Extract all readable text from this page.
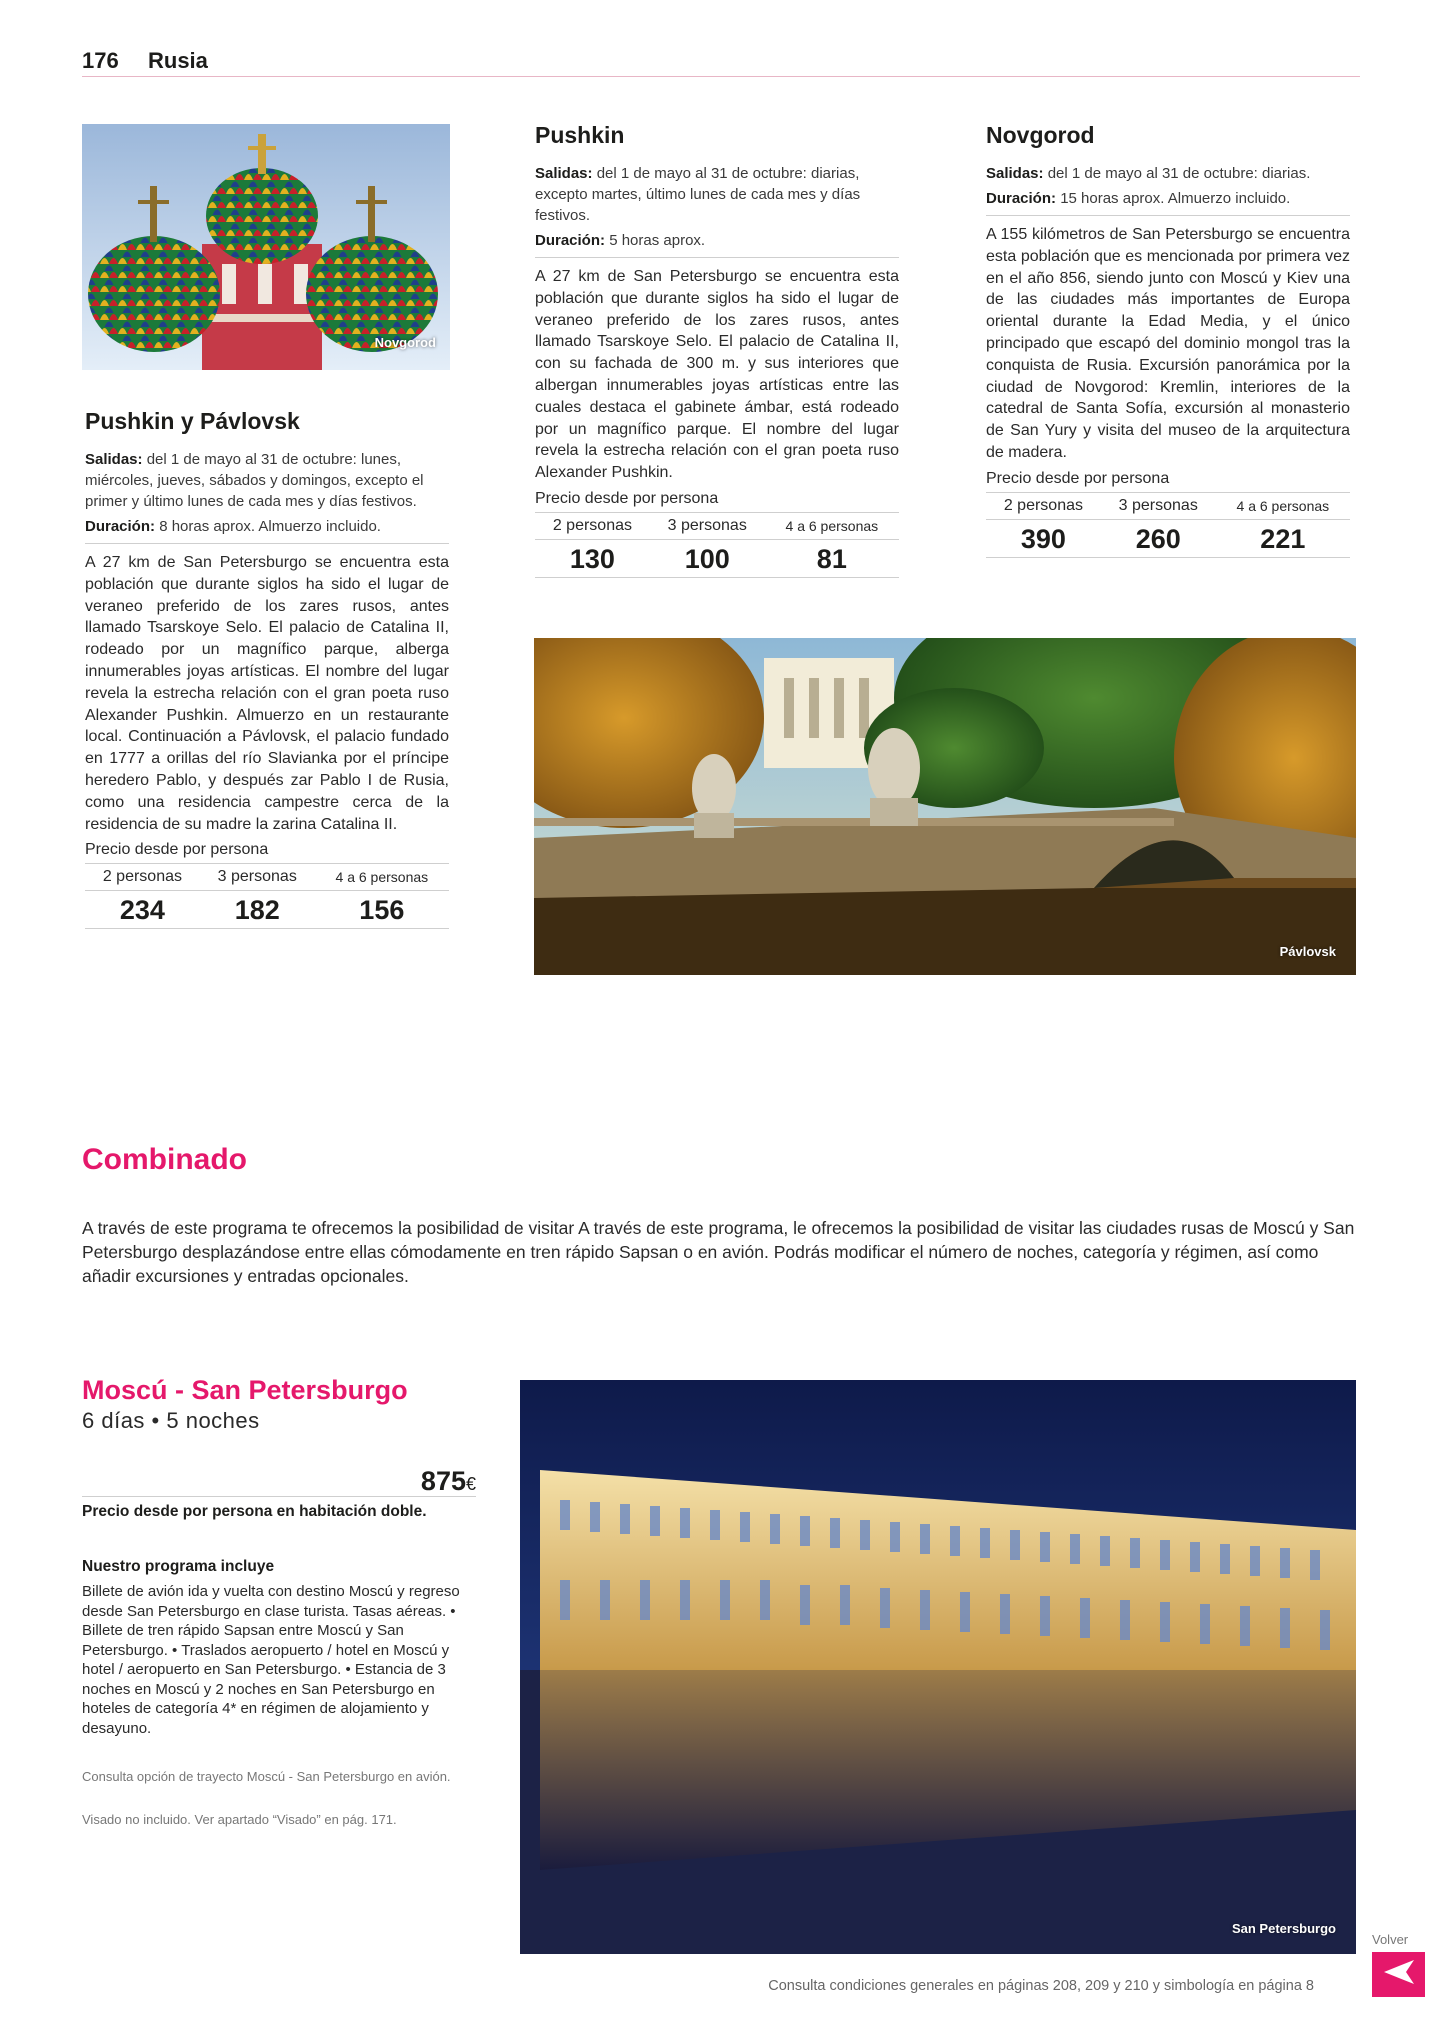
176 Rusia
Novgorod
Pushkin y Pávlovsk

Salidas: del 1 de mayo al 31 de octubre: lunes, miércoles, jueves, sábados y domingos, excepto el primer y último lunes de cada mes y días festivos.

Duración: 8 horas aprox. Almuerzo incluido.

A 27 km de San Petersburgo se encuentra esta población que durante siglos ha sido el lugar de veraneo preferido de los zares rusos, antes llamado Tsarskoye Selo. El palacio de Catalina II, rodeado por un magnífico parque, alberga innumerables joyas artísticas. El nombre del lugar revela la estrecha relación con el gran poeta ruso Alexander Pushkin. Almuerzo en un restaurante local. Continuación a Pávlovsk, el palacio fundado en 1777 a orillas del río Slavianka por el príncipe heredero Pablo, y después zar Pablo I de Rusia, como una residencia campestre cerca de la residencia de su madre la zarina Catalina II.
Precio desde por persona
2 personas	3 personas	4 a 6 personas
234	182	156
Pushkin

Salidas: del 1 de mayo al 31 de octubre: diarias, excepto martes, último lunes de cada mes y días festivos.

Duración: 5 horas aprox.

A 27 km de San Petersburgo se encuentra esta población que durante siglos ha sido el lugar de veraneo preferido de los zares rusos, antes llamado Tsarskoye Selo. El palacio de Catalina II, con su fachada de 300 m. y sus interiores que albergan innumerables joyas artísticas entre las cuales destaca el gabinete ámbar, está rodeado por un magnífico parque. El nombre del lugar revela la estrecha relación con el gran poeta ruso Alexander Pushkin.
Precio desde por persona
2 personas	3 personas	4 a 6 personas
130	100	81
Novgorod

Salidas: del 1 de mayo al 31 de octubre: diarias.

Duración: 15 horas aprox. Almuerzo incluido.

A 155 kilómetros de San Petersburgo se encuentra esta población que es mencionada por primera vez en el año 856, siendo junto con Moscú y Kiev una de las ciudades más importantes de Europa oriental durante la Edad Media, y el único principado que escapó del dominio mongol tras la conquista de Rusia. Excursión panorámica por la ciudad de Novgorod: Kremlin, interiores de la catedral de Santa Sofía, excursión al monasterio de San Yury y visita del museo de la arquitectura de madera.
Precio desde por persona
2 personas	3 personas	4 a 6 personas
390	260	221
Pávlovsk
Combinado
A través de este programa te ofrecemos la posibilidad de visitar A través de este programa, le ofrecemos la posibilidad de visitar las ciudades rusas de Moscú y San Petersburgo desplazándose entre ellas cómodamente en tren rápido Sapsan o en avión. Podrás modificar el número de noches, categoría y régimen, así como añadir excursiones y entradas opcionales.
Moscú - San Petersburgo
6 días • 5 noches
875€
Precio desde por persona en habitación doble.
Nuestro programa incluye
Billete de avión ida y vuelta con destino Moscú y regreso desde San Petersburgo en clase turista. Tasas aéreas. • Billete de tren rápido Sapsan entre Moscú y San Petersburgo. • Traslados aeropuerto / hotel en Moscú y hotel / aeropuerto en San Petersburgo. • Estancia de 3 noches en Moscú y 2 noches en San Petersburgo en hoteles de categoría 4* en régimen de alojamiento y desayuno.
Consulta opción de trayecto Moscú - San Petersburgo en avión.
Visado no incluido. Ver apartado “Visado” en pág. 171.
San Petersburgo
Consulta condiciones generales en páginas 208, 209 y 210 y simbología en página 8
Volver
